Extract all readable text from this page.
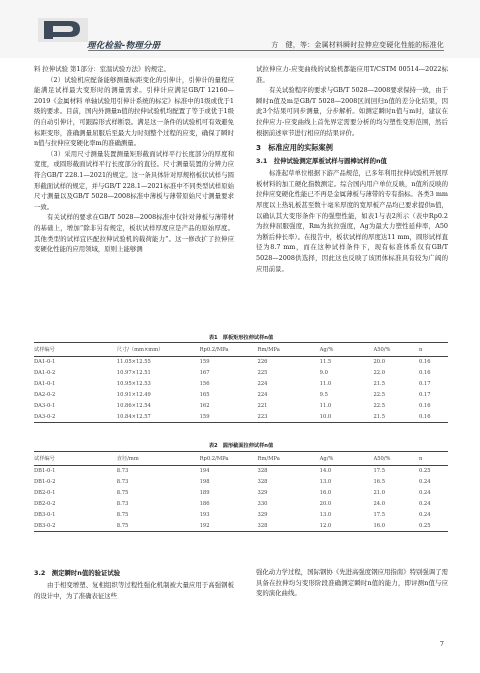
理化检验-物理分册	方　健，等：金属材料瞬时拉伸应变硬化性能的标准化

料 拉伸试验 第1部分：室温试验方法》的规定。

（2）试验机应配备能够测量标距变化的引伸计，引伸计的量程应能满足试样最大变形时的测量需求。引伸计应满足GB/T 12160—2019《金属材料 单轴试验用引伸计系统的标定》标准中的1级或优于1级的要求。目前，国内外测量n值的拉伸试验机均配置了等于或优于1级的自动引伸计，可跟踪形式样断裂。满足这一条件的试验机可有效避免标距变形，准确测量屈服后至最大力时刻整个过程的应变，确保了瞬时n值与拉伸应变硬化率m的准确测量。

（3）采用尺寸测量装置测量矩形截面试样平行长度部分的厚度和宽度，或圆形截面试样平行长度部分的直径。尺寸测量装置的分辨力应符合GB/T 228.1—2021的规定。这一条具体针对厚规格板状试样与圆形截面试样的规定，并与GB/T 228.1—2021标准中不同类型试样原始尺寸测量以及GB/T 5028—2008标准中薄板与薄带原始尺寸测量要求一致。

有关试样的要求在GB/T 5028—2008标准中仅针对薄板与薄带材的基础上，增加“除非另有规定，板状试样厚度应是产品的原始厚度。其他类型的试样宜匹配拉伸试验机的载荷能力”。这一修改扩了拉伸应变硬化性能的应用领域，原则上能够测

试拉伸应力-应变曲线的试验机都能应用T/CSTM 00514—2022标准。

有关试验程序的要求与GB/T 5028—2008要求保持一致，由于瞬时n值及m是GB/T 5028—2008区间回归n值的差分化结果，因此3个结果可同步测量，分步解析。如测定瞬时n值与m时，建议在拉伸应力-应变曲线上首先界定需要分析的均匀塑性变形范围，然后根据前述章节进行相应的结果评价。

3　标准应用的实际案例
3.1　拉伸试验测定厚板试样与圆棒试样的n值

标准起草单位根据下游产品规范，已多年利用拉伸试验机开展厚板材料的加工硬化指数测定。综合国内用户单位反映，n值所反映的拉伸应变硬化性能已不再是金属薄板与薄带的专有指标。各类3 mm厚度以上热轧板甚至数十毫米厚度的宽厚板产品均已要求提供n值，以确认其大变形条件下的强塑性能，如表1与表2所示（表中Rp0.2为拉伸屈服强度，Rm为抗拉强度，Ag为最大力塑性延伸率，A50为断后伸长率）。在报告中，板状试样的厚度达11 mm，圆形试样直径为8.7 mm，而在这种试样条件下，现有标准体系仅有GB/T 5028—2008供选择，因此这也反映了该团体标准具有较为广阔的应用前景。

表1　厚板矩形拉伸试样n值
试样编号	尺寸/（mm×mm）	Rp0.2/MPa	Rm/MPa	Ag/%	A50/%	n
DA1-0-1	11.05×12.55	159	226	11.5	20.0	0.16
DA1-0-2	10.97×12.51	167	225	9.0	22.0	0.16
DA1-0-1	10.95×12.53	156	224	11.0	21.5	0.17
DA2-0-2	10.91×12.49	165	224	9.5	22.5	0.17
DA3-0-1	10.86×12.54	162	221	11.0	22.5	0.16
DA3-0-2	10.84×12.57	159	223	10.0	21.5	0.16
表2　圆形截面拉伸试样n值
试样编号	直径/mm	Rp0.2/MPa	Rm/MPa	Ag/%	A50/%	n
DB1-0-1	8.73	194	328	14.0	17.5	0.25
DB1-0-2	8.73	198	328	13.0	16.5	0.24
DB2-0-1	8.75	189	329	16.0	21.0	0.24
DB2-0-2	8.73	186	330	20.0	24.0	0.24
DB3-0-1	8.75	193	329	13.0	17.5	0.24
DB3-0-2	8.75	192	328	12.0	16.0	0.25
3.2　测定瞬时n值的验证试验

由于相变增塑、复相组织等过程性强化机制被大量应用于高强钢板的设计中，为了准确表征这些

强化动力学过程，国际钢协《先进高强度钢应用指南》特别强调了需具备在拉伸均匀变形阶段准确测定瞬时n值的能力，即评测n值与应变的演化曲线。

7
